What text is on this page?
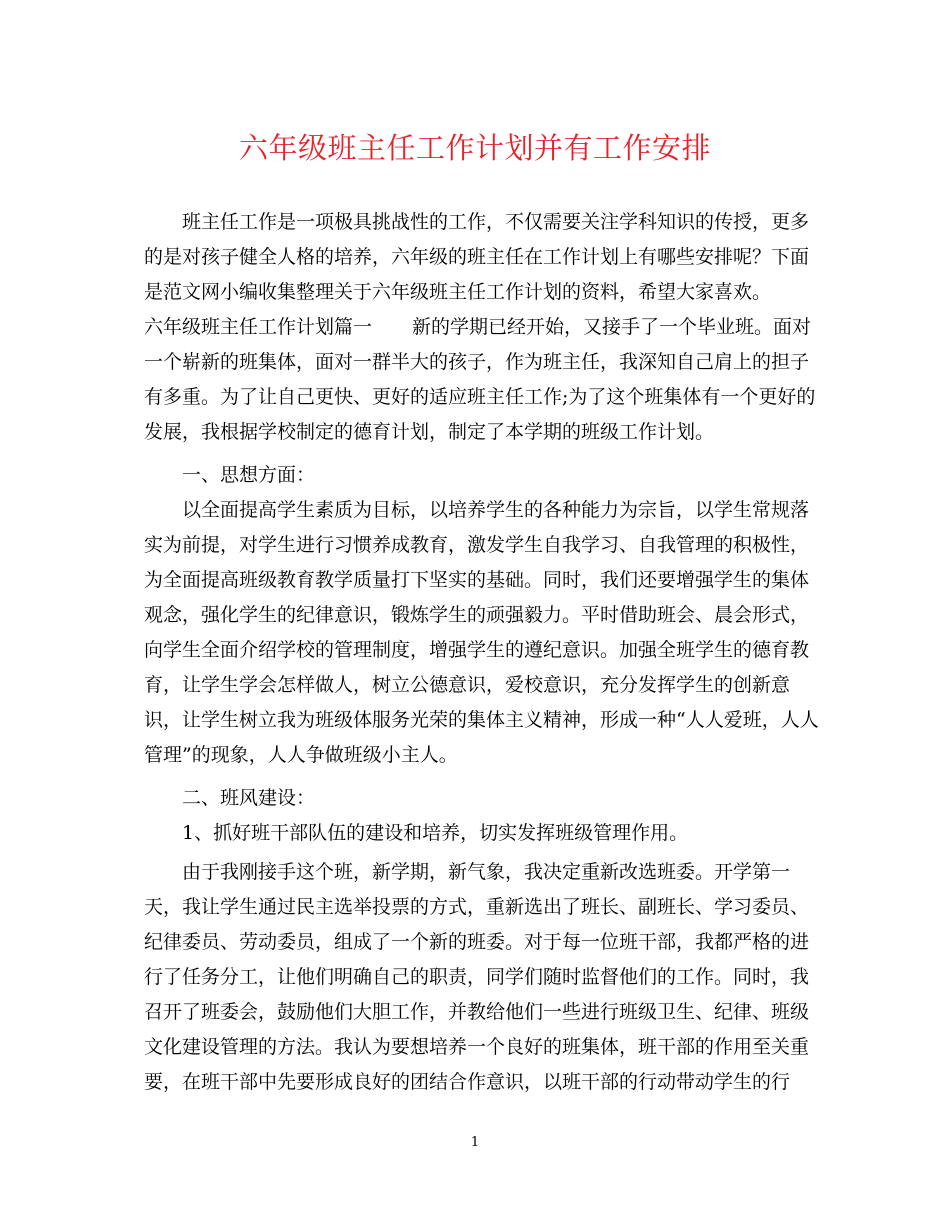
六年级班主任工作计划并有工作安排
　　班主任工作是一项极具挑战性的工作，不仅需要关注学科知识的传授，更多
的是对孩子健全人格的培养，六年级的班主任在工作计划上有哪些安排呢？下面
是范文网小编收集整理关于六年级班主任工作计划的资料，希望大家喜欢。
六年级班主任工作计划篇一 新的学期已经开始，又接手了一个毕业班。面对
一个崭新的班集体，面对一群半大的孩子，作为班主任，我深知自己肩上的担子
有多重。为了让自己更快、更好的适应班主任工作;为了这个班集体有一个更好的
发展，我根据学校制定的德育计划，制定了本学期的班级工作计划。
　　一、思想方面：
　　以全面提高学生素质为目标，以培养学生的各种能力为宗旨，以学生常规落
实为前提，对学生进行习惯养成教育，激发学生自我学习、自我管理的积极性，
为全面提高班级教育教学质量打下坚实的基础。同时，我们还要增强学生的集体
观念，强化学生的纪律意识，锻炼学生的顽强毅力。平时借助班会、晨会形式，
向学生全面介绍学校的管理制度，增强学生的遵纪意识。加强全班学生的德育教
育，让学生学会怎样做人，树立公德意识，爱校意识，充分发挥学生的创新意
识，让学生树立我为班级体服务光荣的集体主义精神，形成一种“人人爱班，人人
管理”的现象，人人争做班级小主人。
　　二、班风建设：
　　1、抓好班干部队伍的建设和培养，切实发挥班级管理作用。
　　由于我刚接手这个班，新学期，新气象，我决定重新改选班委。开学第一
天，我让学生通过民主选举投票的方式，重新选出了班长、副班长、学习委员、
纪律委员、劳动委员，组成了一个新的班委。对于每一位班干部，我都严格的进
行了任务分工，让他们明确自己的职责，同学们随时监督他们的工作。同时，我
召开了班委会，鼓励他们大胆工作，并教给他们一些进行班级卫生、纪律、班级
文化建设管理的方法。我认为要想培养一个良好的班集体，班干部的作用至关重
要，在班干部中先要形成良好的团结合作意识，以班干部的行动带动学生的行
1
